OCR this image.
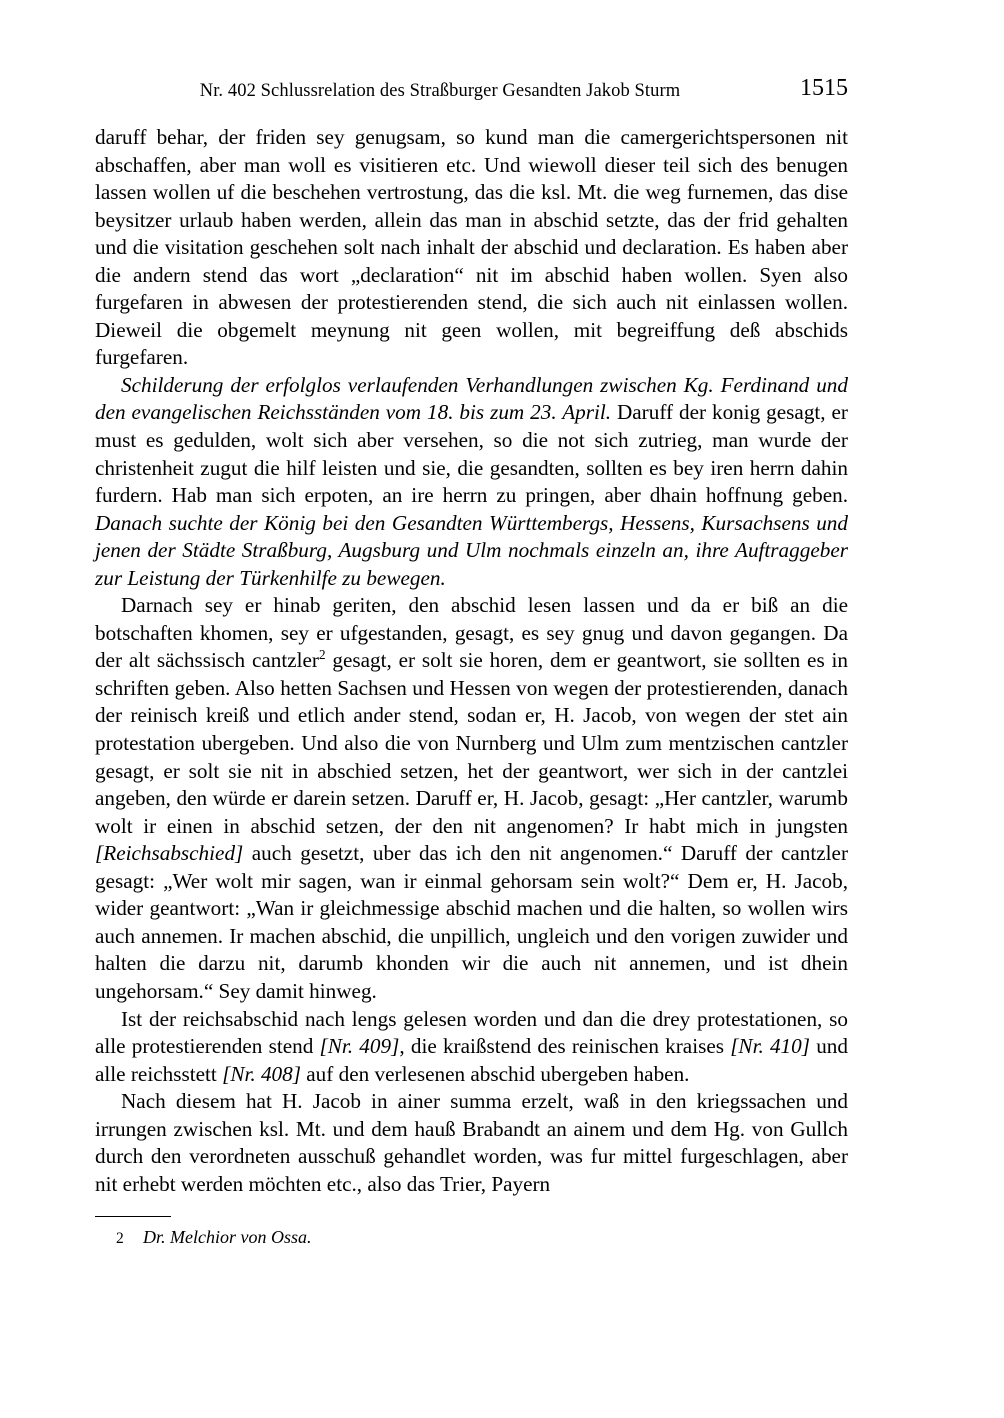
Nr. 402 Schlussrelation des Straßburger Gesandten Jakob Sturm	1515

daruff behar, der friden sey genugsam, so kund man die camergerichtspersonen nit abschaffen, aber man woll es visitieren etc. Und wiewoll dieser teil sich des benugen lassen wollen uf die beschehen vertrostung, das die ksl. Mt. die weg furnemen, das dise beysitzer urlaub haben werden, allein das man in abschid setzte, das der frid gehalten und die visitation geschehen solt nach inhalt der abschid und declaration. Es haben aber die andern stend das wort „declaration“ nit im abschid haben wollen. Syen also furgefaren in abwesen der protestierenden stend, die sich auch nit einlassen wollen. Dieweil die obgemelt meynung nit geen wollen, mit begreiffung deß abschids furgefaren.

Schilderung der erfolglos verlaufenden Verhandlungen zwischen Kg. Ferdinand und den evangelischen Reichsständen vom 18. bis zum 23. April. Daruff der konig gesagt, er must es gedulden, wolt sich aber versehen, so die not sich zutrieg, man wurde der christenheit zugut die hilf leisten und sie, die gesandten, sollten es bey iren herrn dahin furdern. Hab man sich erpoten, an ire herrn zu pringen, aber dhain hoffnung geben. Danach suchte der König bei den Gesandten Württembergs, Hessens, Kursachsens und jenen der Städte Straßburg, Augsburg und Ulm nochmals einzeln an, ihre Auftraggeber zur Leistung der Türkenhilfe zu bewegen.

Darnach sey er hinab geriten, den abschid lesen lassen und da er biß an die botschaften khomen, sey er ufgestanden, gesagt, es sey gnug und davon gegangen. Da der alt sächssisch cantzler$^2$ gesagt, er solt sie horen, dem er geantwort, sie sollten es in schriften geben. Also hetten Sachsen und Hessen von wegen der protestierenden, danach der reinisch kreiß und etlich ander stend, sodan er, H. Jacob, von wegen der stet ain protestation ubergeben. Und also die von Nurnberg und Ulm zum mentzischen cantzler gesagt, er solt sie nit in abschied setzen, het der geantwort, wer sich in der cantzlei angeben, den würde er darein setzen. Daruff er, H. Jacob, gesagt: „Her cantzler, warumb wolt ir einen in abschid setzen, der den nit angenomen? Ir habt mich in jungsten [Reichsabschied] auch gesetzt, uber das ich den nit angenomen.“ Daruff der cantzler gesagt: „Wer wolt mir sagen, wan ir einmal gehorsam sein wolt?“ Dem er, H. Jacob, wider geantwort: „Wan ir gleichmessige abschid machen und die halten, so wollen wirs auch annemen. Ir machen abschid, die unpillich, ungleich und den vorigen zuwider und halten die darzu nit, darumb khonden wir die auch nit annemen, und ist dhein ungehorsam.“ Sey damit hinweg.

Ist der reichsabschid nach lengs gelesen worden und dan die drey protestationen, so alle protestierenden stend [Nr. 409], die kraißstend des reinischen kraises [Nr. 410] und alle reichsstett [Nr. 408] auf den verlesenen abschid ubergeben haben.

Nach diesem hat H. Jacob in ainer summa erzelt, waß in den kriegssachen und irrungen zwischen ksl. Mt. und dem hauß Brabandt an ainem und dem Hg. von Gullch durch den verordneten ausschuß gehandlet worden, was fur mittel furgeschlagen, aber nit erhebt werden möchten etc., also das Trier, Payern

2 Dr. Melchior von Ossa.
